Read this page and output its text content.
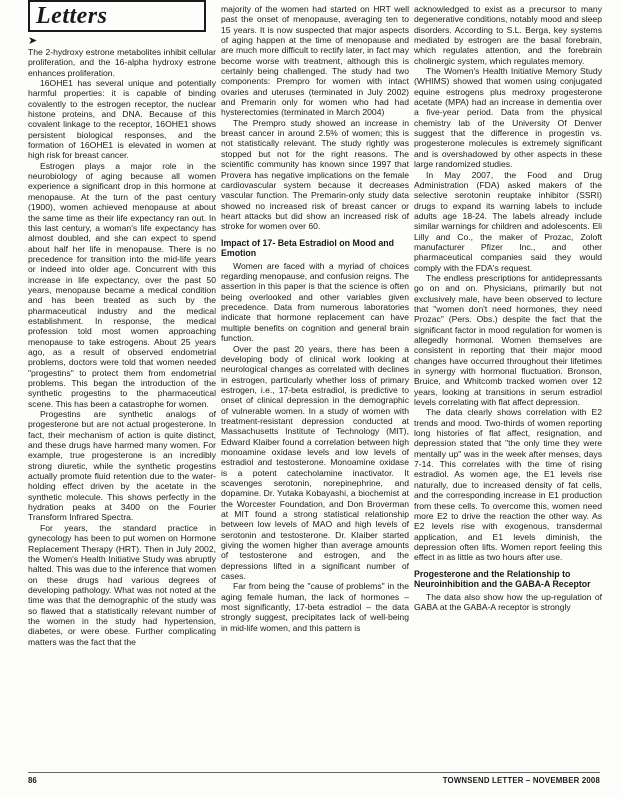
Letters
➤

The 2-hydroxy estrone metabolites inhibit cellular proliferation, and the 16-alpha hydroxy estrone enhances proliferation.

16OHE1 has several unique and potentially harmful properties: it is capable of binding covalently to the estrogen receptor, the nuclear histone proteins, and DNA. Because of this covalent linkage to the receptor, 16OHE1 shows persistent biological responses, and the formation of 16OHE1 is elevated in women at high risk for breast cancer.

Estrogen plays a major role in the neurobiology of aging because all women experience a significant drop in this hormone at menopause. At the turn of the past century (1900), women achieved menopause at about the same time as their life expectancy ran out. In this last century, a woman's life expectancy has almost doubled, and she can expect to spend about half her life in menopause. There is no precedence for transition into the mid-life years or indeed into older age. Concurrent with this increase in life expectancy, over the past 50 years, menopause became a medical condition and has been treated as such by the pharmaceutical industry and the medical establishment. In response, the medical profession told most women approaching menopause to take estrogens. About 25 years ago, as a result of observed endometrial problems, doctors were told that women needed "progestins" to protect them from endometrial problems. This began the introduction of the synthetic progestins to the pharmaceutical scene. This has been a catastrophe for women.

Progestins are synthetic analogs of progesterone but are not actual progesterone. In fact, their mechanism of action is quite distinct, and these drugs have harmed many women. For example, true progesterone is an incredibly strong diuretic, while the synthetic progestins actually promote fluid retention due to the water-holding effect driven by the acetate in the synthetic molecule. This shows perfectly in the hydration peaks at 3400 on the Fourier Transform Infrared Spectra.

For years, the standard practice in gynecology has been to put women on Hormone Replacement Therapy (HRT). Then in July 2002, the Women's Health Initiative Study was abruptly halted. This was due to the inference that women on these drugs had various degrees of developing pathology. What was not noted at the time was that the demographic of the study was so flawed that a statistically relevant number of the women in the study had hypertension, diabetes, or were obese. Further complicating matters was the fact that the

majority of the women had started on HRT well past the onset of menopause, averaging ten to 15 years. It is now suspected that major aspects of aging happen at the time of menopause and are much more difficult to rectify later, in fact may become worse with treatment, although this is certainly being challenged. The study had two components: Prempro for women with intact ovaries and uteruses (terminated in July 2002) and Premarin only for women who had had hysterectomies (terminated in March 2004)

The Prempro study showed an increase in breast cancer in around 2.5% of women; this is not statistically relevant. The study rightly was stopped but not for the right reasons. The scientific community has known since 1997 that Provera has negative implications on the female cardiovascular system because it decreases vascular function. The Premarin-only study data showed no increased risk of breast cancer or heart attacks but did show an increased risk of stroke for women over 60.

Impact of 17- Beta Estradiol on Mood and Emotion

Women are faced with a myriad of choices regarding menopause, and confusion reigns. The assertion in this paper is that the science is often being overlooked and other variables given precedence. Data from numerous laboratories indicate that hormone replacement can have multiple benefits on cognition and general brain function.

Over the past 20 years, there has been a developing body of clinical work looking at neurological changes as correlated with declines in estrogen, particularly whether loss of primary estrogen, i.e., 17-beta estradiol, is predictive to onset of clinical depression in the demographic of vulnerable women. In a study of women with treatment-resistant depression conducted at Massachusetts Institute of Technology (MIT), Edward Klaiber found a correlation between high monoamine oxidase levels and low levels of estradiol and testosterone. Monoamine oxidase is a potent catecholamine inactivator. It scavenges serotonin, norepinephrine, and dopamine. Dr. Yutaka Kobayashi, a biochemist at the Worcester Foundation, and Don Broverman at MIT found a strong statistical relationship between low levels of MAO and high levels of serotonin and testosterone. Dr. Klaiber started giving the women higher than average amounts of testosterone and estrogen, and the depressions lifted in a significant number of cases.

Far from being the "cause of problems" in the aging female human, the lack of hormones – most significantly, 17-beta estradiol – the data strongly suggest, precipitates lack of well-being in mid-life women, and this pattern is

acknowledged to exist as a precursor to many degenerative conditions, notably mood and sleep disorders. According to S.L. Berga, key systems mediated by estrogen are the basal forebrain, which regulates attention, and the forebrain cholinergic system, which regulates memory.

The Women's Health Initiative Memory Study (WHIMS) showed that women using conjugated equine estrogens plus medroxy progesterone acetate (MPA) had an increase in dementia over a five-year period. Data from the physical chemistry lab of the University Of Denver suggest that the difference in progestin vs. progesterone molecules is extremely significant and is overshadowed by other aspects in these large randomized studies.

In May 2007, the Food and Drug Administration (FDA) asked makers of the selective serotonin reuptake inhibitor (SSRI) drugs to expand its warning labels to include adults age 18-24. The labels already include similar warnings for children and adolescents. Eli Lilly and Co., the maker of Prozac, Zoloft manufacturer Pfizer Inc., and other pharmaceutical companies said they would comply with the FDA's request.

The endless prescriptions for antidepressants go on and on. Physicians, primarily but not exclusively male, have been observed to lecture that "women don't need hormones, they need Prozac" (Pers. Obs.) despite the fact that the significant factor in mood regulation for women is allegedly hormonal. Women themselves are consistent in reporting that their major mood changes have occurred throughout their lifetimes in synergy with hormonal fluctuation. Bronson, Bruice, and Whitcomb tracked women over 12 years, looking at transitions in serum estradiol levels correlating with flat affect depression.

The data clearly shows correlation with E2 trends and mood. Two-thirds of women reporting long histories of flat affect, resignation, and depression stated that "the only time they were mentally up" was in the week after menses, days 7-14. This correlates with the time of rising estradiol. As women age, the E1 levels rise naturally, due to increased density of fat cells, and the corresponding increase in E1 production from these cells. To overcome this, women need more E2 to drive the reaction the other way. As E2 levels rise with exogenous, transdermal application, and E1 levels diminish, the depression often lifts. Women report feeling this effect in as little as two hours after use.

Progesterone and the Relationship to Neuroinhibition and the GABA-A Receptor

The data also show how the up-regulation of GABA at the GABA-A receptor is strongly

86	TOWNSEND LETTER – NOVEMBER 2008
